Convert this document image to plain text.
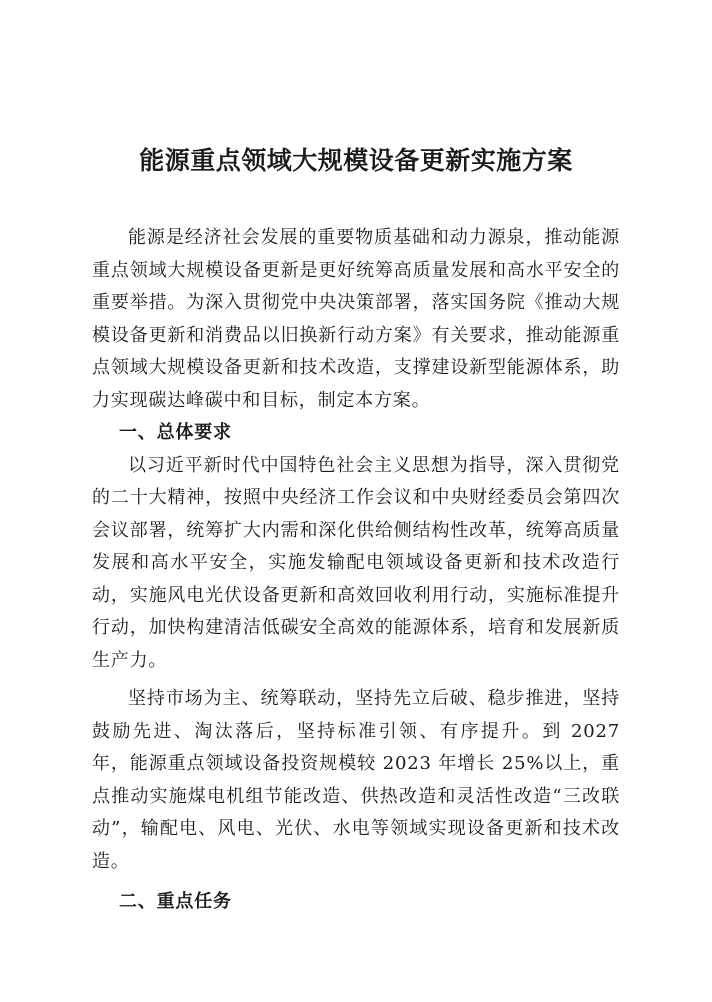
能源重点领域大规模设备更新实施方案

能源是经济社会发展的重要物质基础和动力源泉，推动能源重点领域大规模设备更新是更好统筹高质量发展和高水平安全的重要举措。为深入贯彻党中央决策部署，落实国务院《推动大规模设备更新和消费品以旧换新行动方案》有关要求，推动能源重点领域大规模设备更新和技术改造，支撑建设新型能源体系，助力实现碳达峰碳中和目标，制定本方案。

一、总体要求

以习近平新时代中国特色社会主义思想为指导，深入贯彻党的二十大精神，按照中央经济工作会议和中央财经委员会第四次会议部署，统筹扩大内需和深化供给侧结构性改革，统筹高质量发展和高水平安全，实施发输配电领域设备更新和技术改造行动，实施风电光伏设备更新和高效回收利用行动，实施标准提升行动，加快构建清洁低碳安全高效的能源体系，培育和发展新质生产力。

坚持市场为主、统筹联动，坚持先立后破、稳步推进，坚持鼓励先进、淘汰落后，坚持标准引领、有序提升。到 2027 年，能源重点领域设备投资规模较 2023 年增长 25%以上，重点推动实施煤电机组节能改造、供热改造和灵活性改造“三改联动”，输配电、风电、光伏、水电等领域实现设备更新和技术改造。

二、重点任务
